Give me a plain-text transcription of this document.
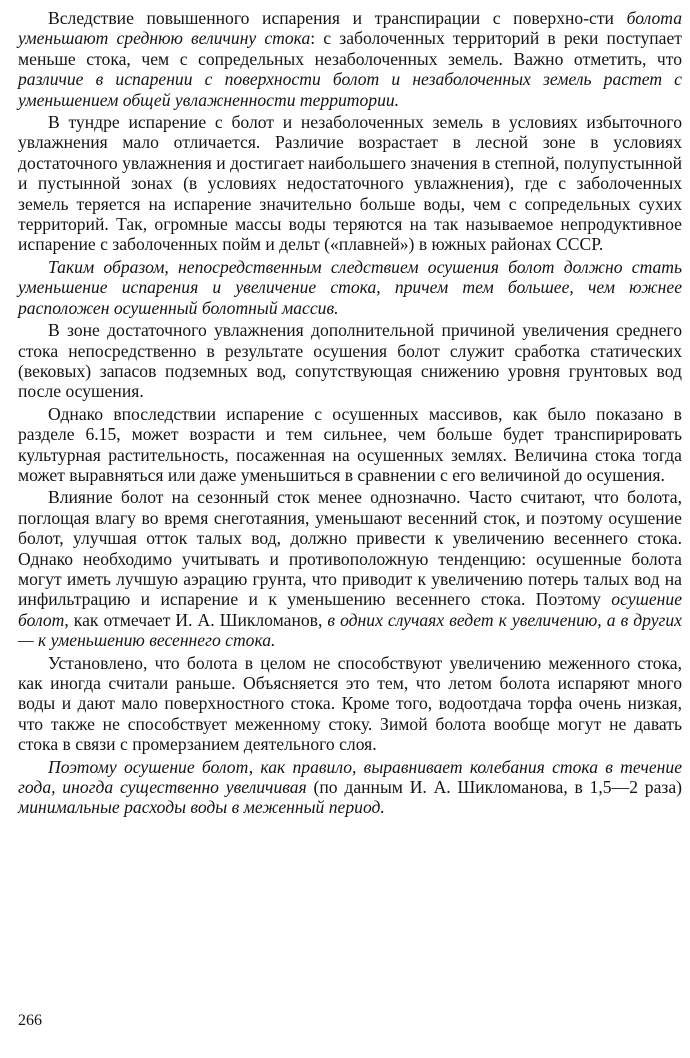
Вследствие повышенного испарения и транспирации с поверхно-сти болота уменьшают среднюю величину стока: с заболоченных территорий в реки поступает меньше стока, чем с сопредельных незаболоченных земель. Важно отметить, что различие в испарении с поверхности болот и незаболоченных земель растет с уменьшением общей увлажненности территории.

В тундре испарение с болот и незаболоченных земель в условиях избыточного увлажнения мало отличается. Различие возрастает в лесной зоне в условиях достаточного увлажнения и достигает наибольшего значения в степной, полупустынной и пустынной зонах (в условиях недостаточного увлажнения), где с заболоченных земель теряется на испарение значительно больше воды, чем с сопредельных сухих территорий. Так, огромные массы воды теряются на так называемое непродуктивное испарение с заболоченных пойм и дельт («плавней») в южных районах СССР.

Таким образом, непосредственным следствием осушения болот должно стать уменьшение испарения и увеличение стока, причем тем большее, чем южнее расположен осушенный болотный массив.

В зоне достаточного увлажнения дополнительной причиной увеличения среднего стока непосредственно в результате осушения болот служит сработка статических (вековых) запасов подземных вод, сопутствующая снижению уровня грунтовых вод после осушения.

Однако впоследствии испарение с осушенных массивов, как было показано в разделе 6.15, может возрасти и тем сильнее, чем больше будет транспирировать культурная растительность, посаженная на осушенных землях. Величина стока тогда может выравняться или даже уменьшиться в сравнении с его величиной до осушения.

Влияние болот на сезонный сток менее однозначно. Часто считают, что болота, поглощая влагу во время снеготаяния, уменьшают весенний сток, и поэтому осушение болот, улучшая отток талых вод, должно привести к увеличению весеннего стока. Однако необходимо учитывать и противоположную тенденцию: осушенные болота могут иметь лучшую аэрацию грунта, что приводит к увеличению потерь талых вод на инфильтрацию и испарение и к уменьшению весеннего стока. Поэтому осушение болот, как отмечает И. А. Шикломанов, в одних случаях ведет к увеличению, а в других — к уменьшению весеннего стока.

Установлено, что болота в целом не способствуют увеличению меженного стока, как иногда считали раньше. Объясняется это тем, что летом болота испаряют много воды и дают мало поверхностного стока. Кроме того, водоотдача торфа очень низкая, что также не способствует меженному стоку. Зимой болота вообще могут не давать стока в связи с промерзанием деятельного слоя.

Поэтому осушение болот, как правило, выравнивает колебания стока в течение года, иногда существенно увеличивая (по данным И. А. Шикломанова, в 1,5—2 раза) минимальные расходы воды в меженный период.

266
